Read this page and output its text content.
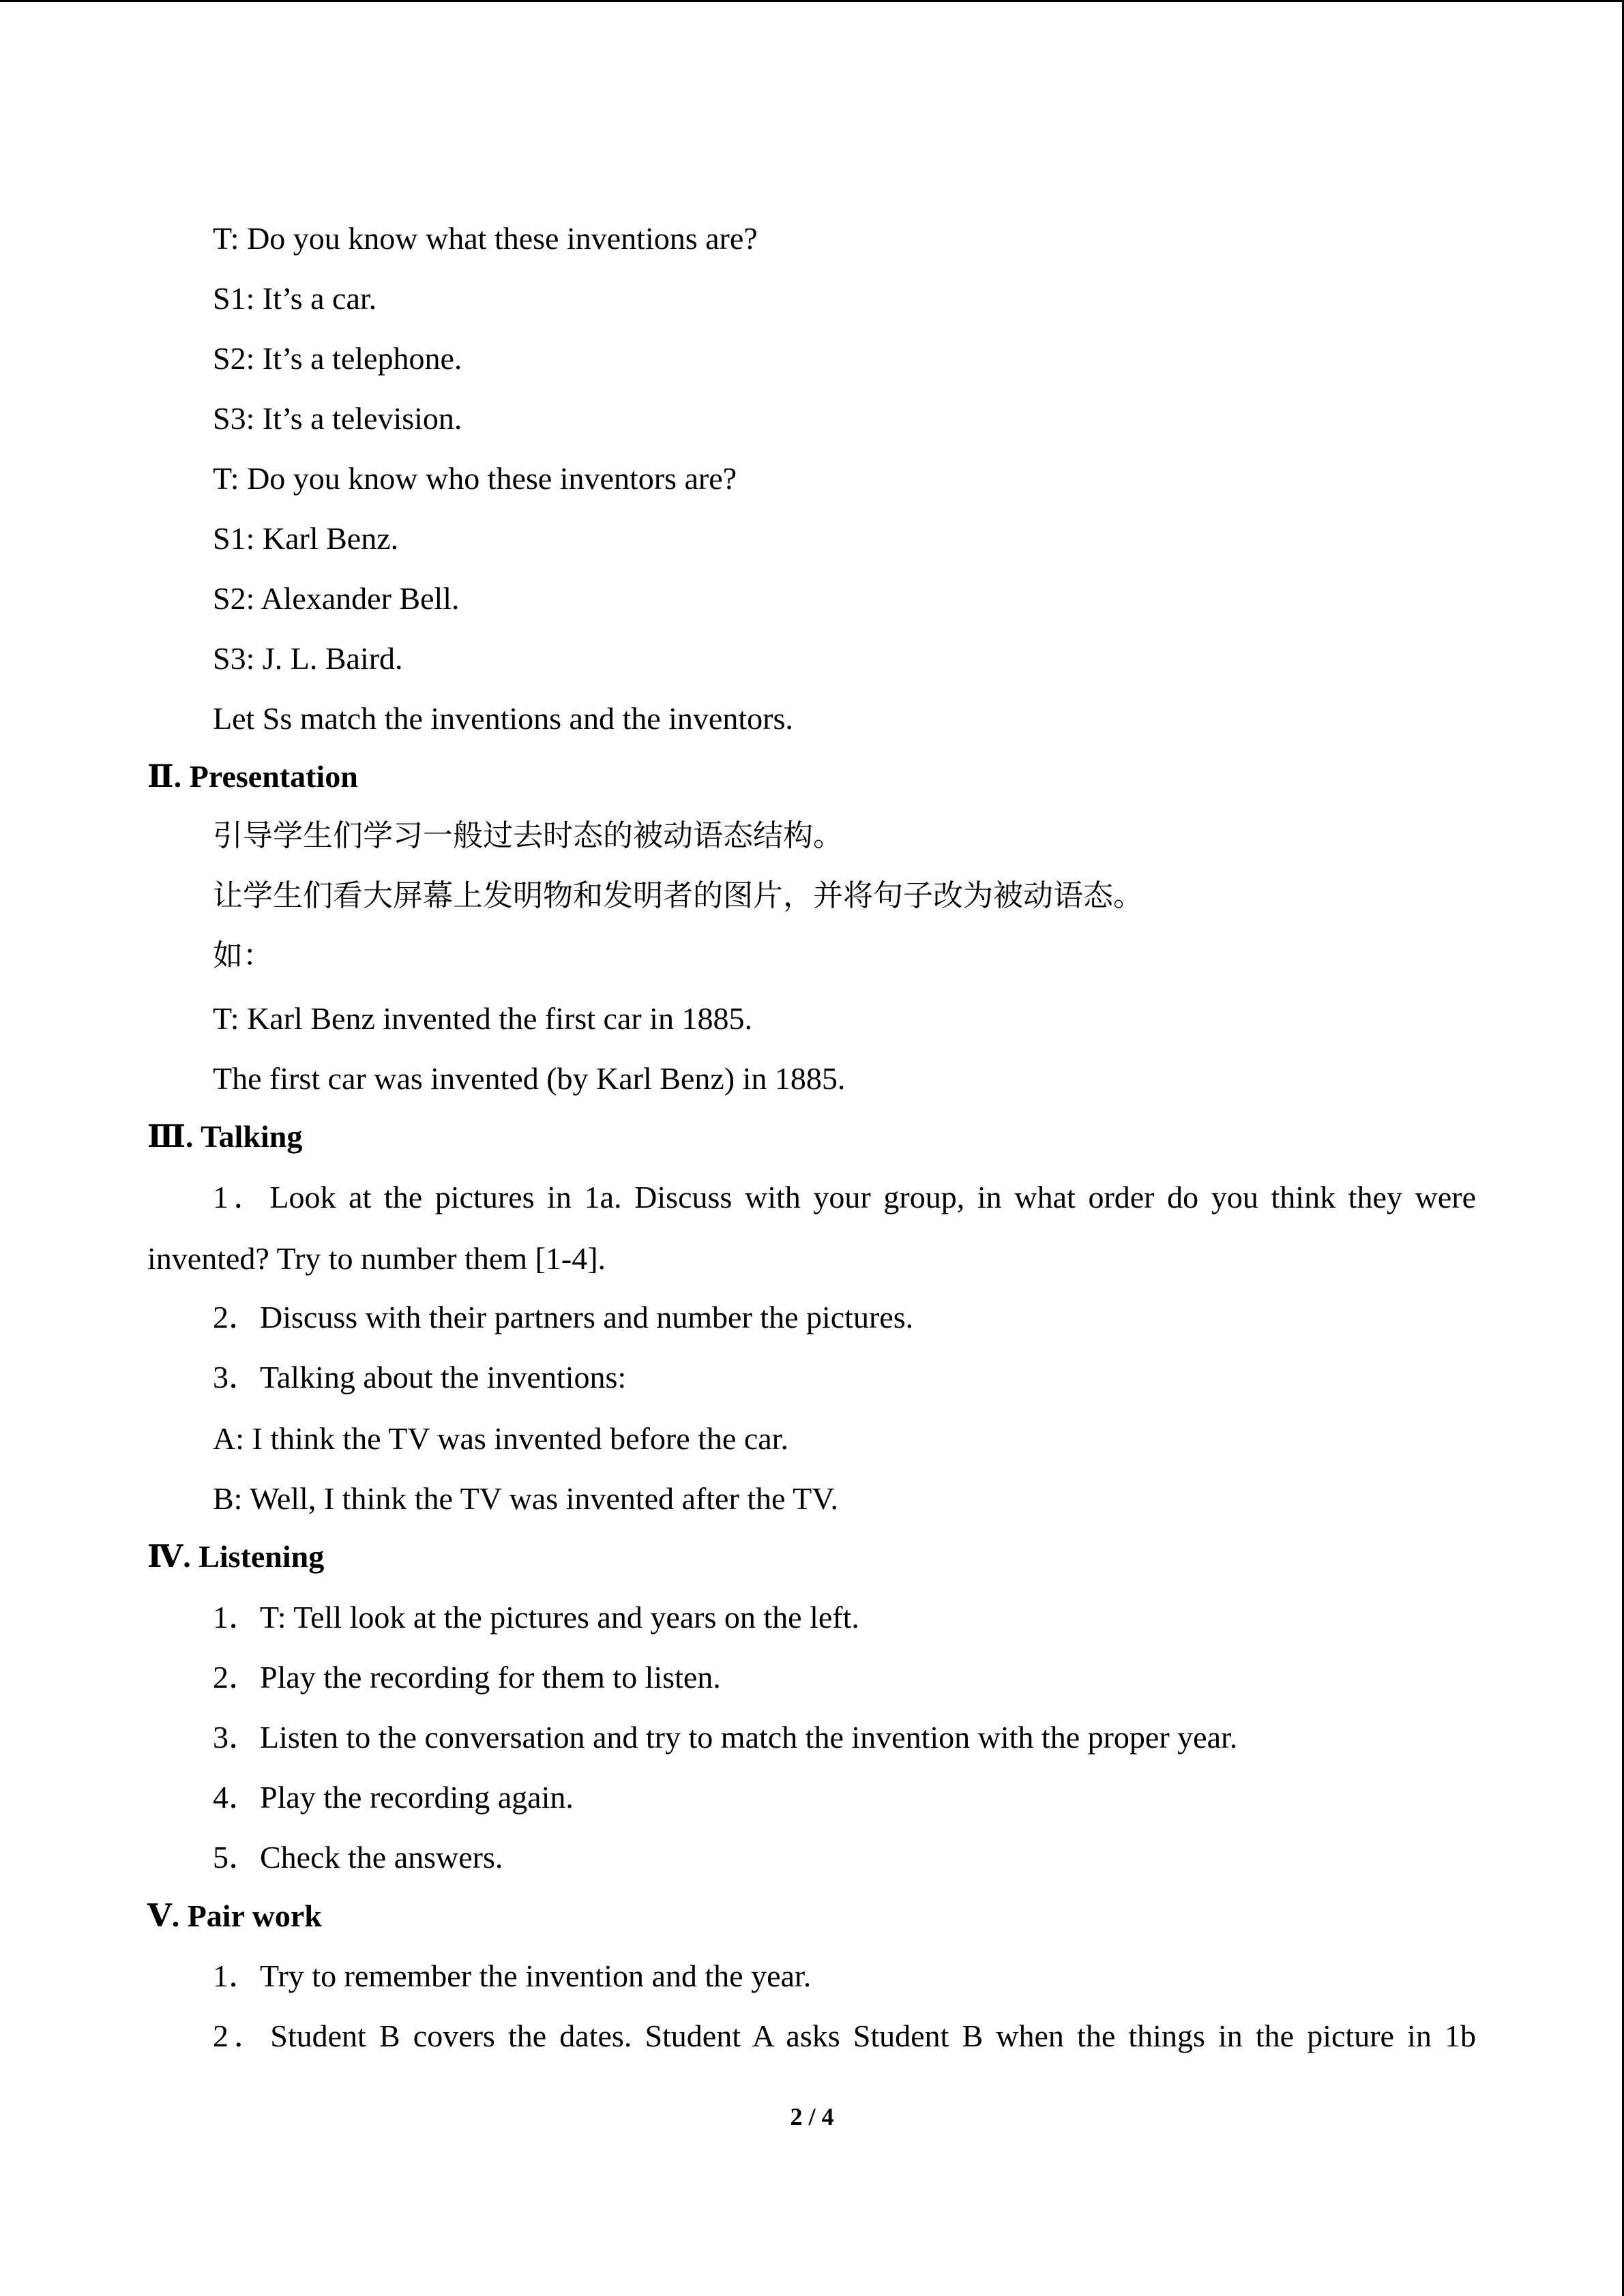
T: Do you know what these inventions are?
S1: It’s a car.
S2: It’s a telephone.
S3: It’s a television.
T: Do you know who these inventors are?
S1: Karl Benz.
S2: Alexander Bell.
S3: J. L. Baird.
Let Ss match the inventions and the inventors.
Ⅱ. Presentation
引导学生们学习一般过去时态的被动语态结构。
让学生们看大屏幕上发明物和发明者的图片，并将句子改为被动语态。
如：
T: Karl Benz invented the first car in 1885.
The first car was invented (by Karl Benz) in 1885.
Ⅲ. Talking
1．Look at the pictures in 1a. Discuss with your group, in what order do you think they were
invented? Try to number them [1-4].
2．Discuss with their partners and number the pictures.
3．Talking about the inventions:
A: I think the TV was invented before the car.
B: Well, I think the TV was invented after the TV.
Ⅳ. Listening
1．T: Tell look at the pictures and years on the left.
2．Play the recording for them to listen.
3．Listen to the conversation and try to match the invention with the proper year.
4．Play the recording again.
5．Check the answers.
Ⅴ. Pair work
1．Try to remember the invention and the year.
2．Student B covers the dates. Student A asks Student B when the things in the picture in 1b
2 / 4
